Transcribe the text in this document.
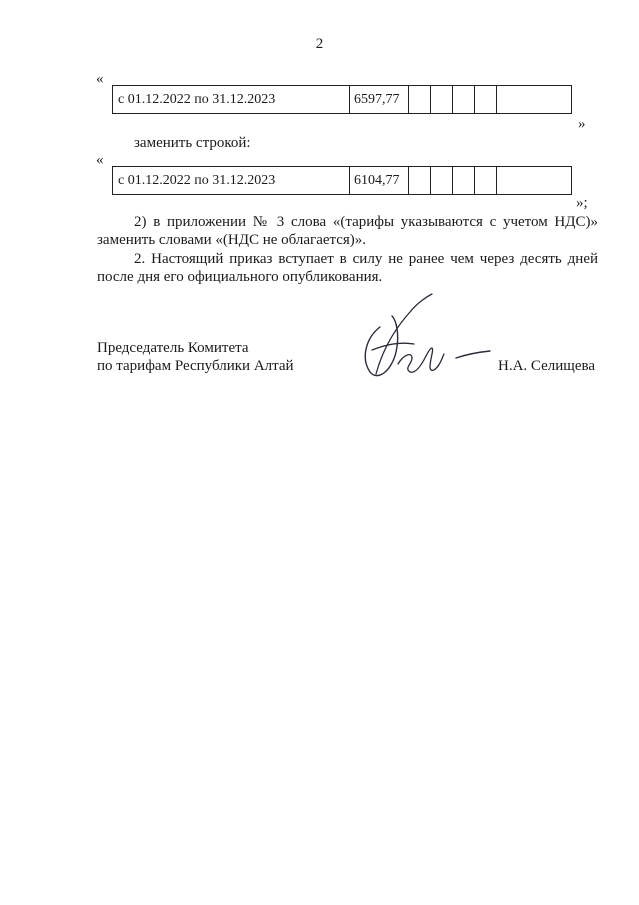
2
«
с 01.12.2022 по 31.12.2023	6597,77
»
заменить строкой:
«
с 01.12.2022 по 31.12.2023	6104,77
»;
2) в приложении № 3 слова «(тарифы указываются с учетом НДС)»
заменить словами «(НДС не облагается)».
2. Настоящий приказ вступает в силу не ранее чем через десять дней
после дня его официального опубликования.
Председатель Комитета
по тарифам Республики Алтай	Н.А. Селищева
